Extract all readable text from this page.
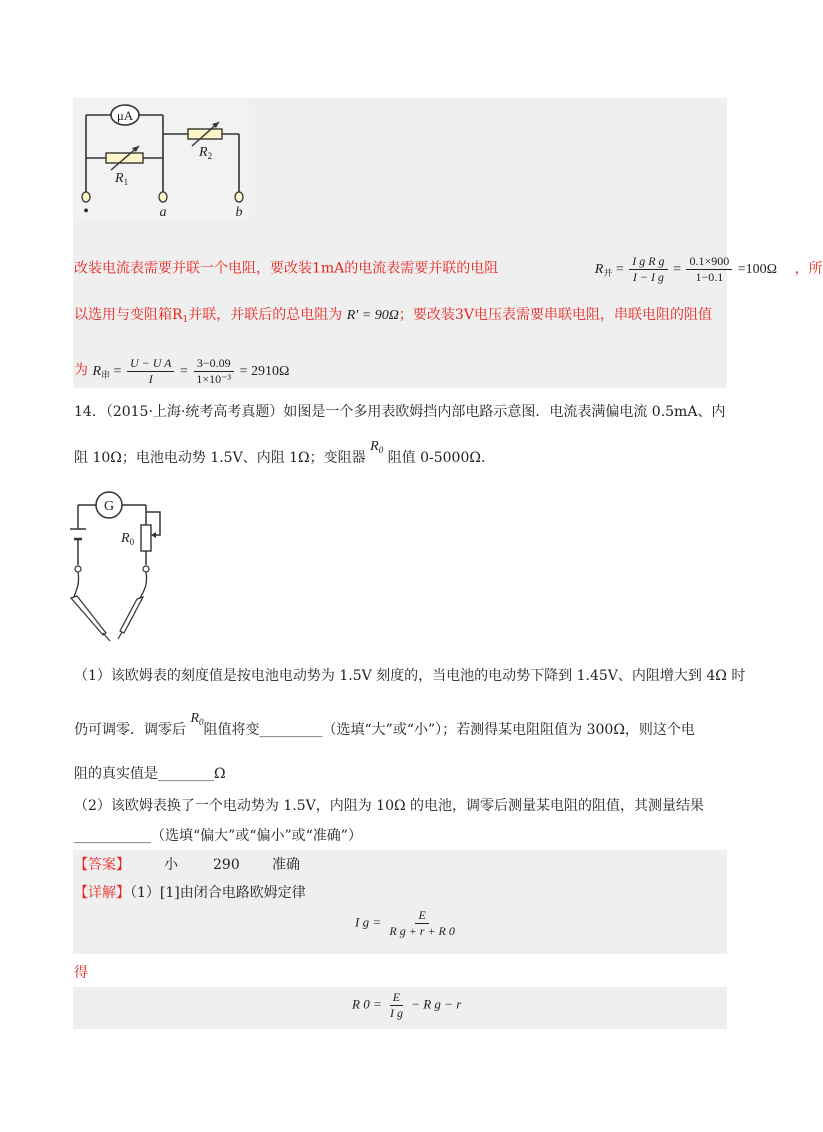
μA
$R_1$
$R_2$
•	a	b
改装电流表需要并联一个电阻，要改装1mA的电流表需要并联的电阻	$R_并 = \frac{\text{I g R g}}{\text{I − I g}} = \frac{0.1\times 900}{1-0.1} =100\Omega$ ，所
以选用与变阻箱$R_1$并联，并联后的总电阻为 R′ = 90Ω；要改装3V电压表需要串联电阻，串联电阻的阻值
为 $R_串 = \frac{\text{U − U A}}{I} = \frac{3-0.09}{\text{1×10⁻³}} = 2910\Omega$
14．（2015·上海·统考高考真题）如图是一个多用表欧姆挡内部电路示意图．电流表满偏电流 0.5mA、内
阻 10Ω；电池电动势 1.5V、内阻 1Ω；变阻器 $R_0$ 阻值 0-5000Ω.
G
$R_0$
（1）该欧姆表的刻度值是按电池电动势为 1.5V 刻度的，当电池的电动势下降到 1.45V、内阻增大到 4Ω 时
仍可调零．调零后 $R_0$阻值将变_________（选填“大”或“小”）；若测得某电阻阻值为 300Ω，则这个电
阻的真实值是________Ω
（2）该欧姆表换了一个电动势为 1.5V，内阻为 10Ω 的电池，调零后测量某电阻的阻值，其测量结果
___________（选填“偏大”或“偏小”或“准确”）
【答案】 小	290 准确
【详解】（1）[1]由闭合电路欧姆定律
I $g = \frac{E}{\text{R g + r + R 0}}$
得
R $0 = \frac{E}{\text{I g}} - R$ g − r
